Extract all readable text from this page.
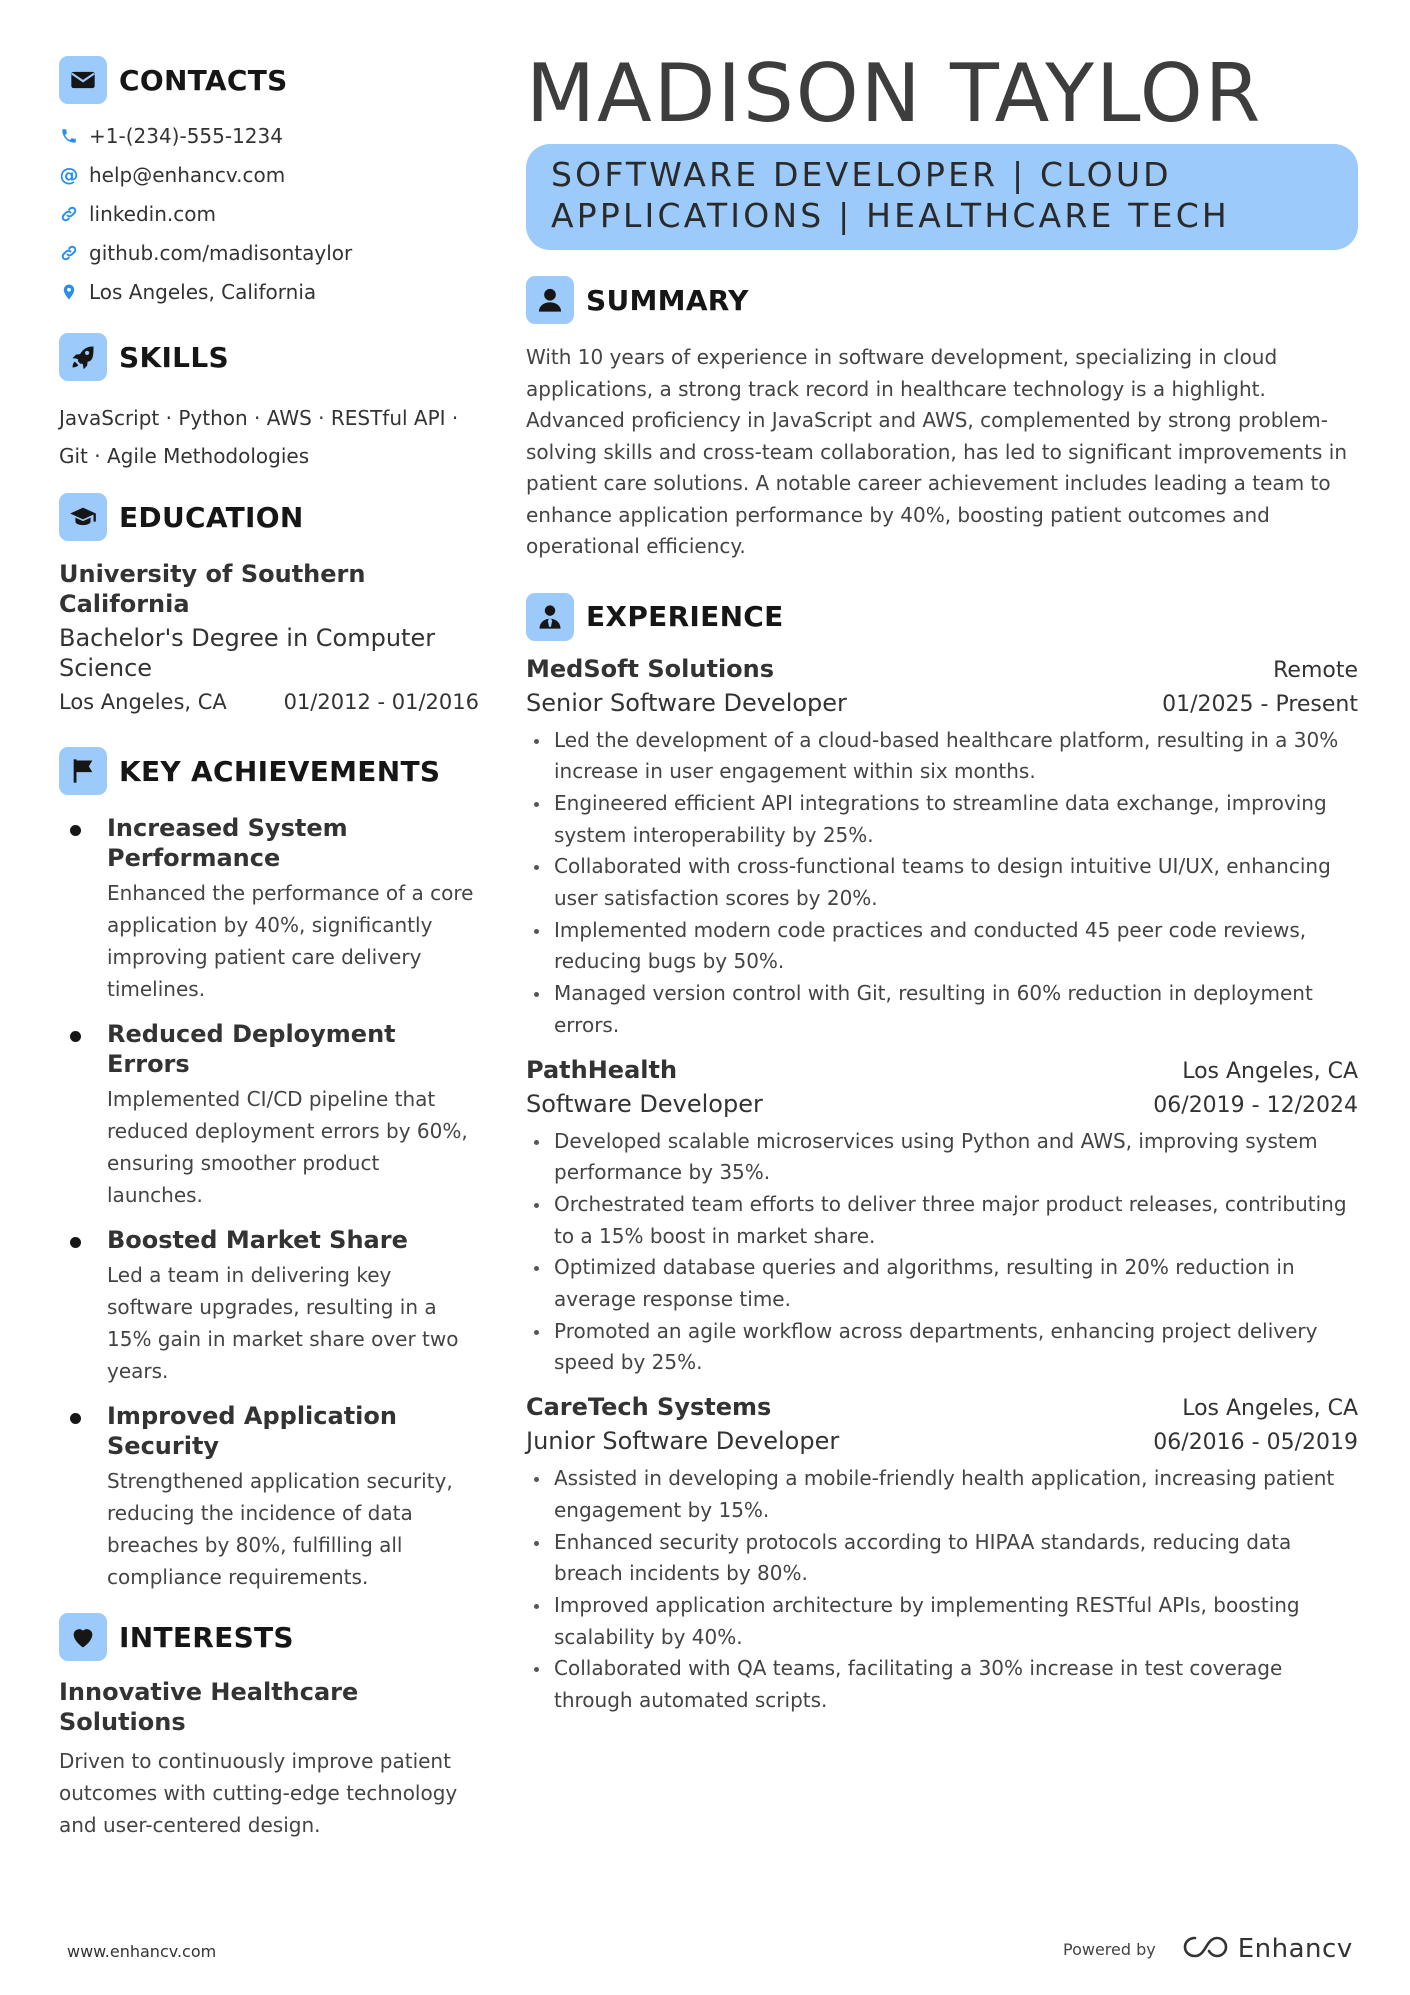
CONTACTS
+1-(234)-555-1234
@ help@enhancv.com
linkedin.com
github.com/madisontaylor
Los Angeles, California
SKILLS
JavaScript · Python · AWS · RESTful API ·
Git · Agile Methodologies
EDUCATION
University of Southern California
Bachelor's Degree in Computer Science
Los Angeles, CA	01/2012 - 01/2016
KEY ACHIEVEMENTS
Increased System Performance
Enhanced the performance of a core application by 40%, significantly improving patient care delivery timelines.
Reduced Deployment Errors
Implemented CI/CD pipeline that reduced deployment errors by 60%, ensuring smoother product launches.
Boosted Market Share
Led a team in delivering key software upgrades, resulting in a 15% gain in market share over two years.
Improved Application Security
Strengthened application security, reducing the incidence of data breaches by 80%, fulfilling all compliance requirements.
INTERESTS
Innovative Healthcare Solutions
Driven to continuously improve patient outcomes with cutting-edge technology and user-centered design.
MADISON TAYLOR
SOFTWARE DEVELOPER | CLOUD APPLICATIONS | HEALTHCARE TECH
SUMMARY
With 10 years of experience in software development, specializing in cloud applications, a strong track record in healthcare technology is a highlight. Advanced proficiency in JavaScript and AWS, complemented by strong problem-solving skills and cross-team collaboration, has led to significant improvements in patient care solutions. A notable career achievement includes leading a team to enhance application performance by 40%, boosting patient outcomes and operational efficiency.
EXPERIENCE
MedSoft Solutions	Remote
Senior Software Developer	01/2025 - Present
Led the development of a cloud-based healthcare platform, resulting in a 30% increase in user engagement within six months.
Engineered efficient API integrations to streamline data exchange, improving system interoperability by 25%.
Collaborated with cross-functional teams to design intuitive UI/UX, enhancing user satisfaction scores by 20%.
Implemented modern code practices and conducted 45 peer code reviews, reducing bugs by 50%.
Managed version control with Git, resulting in 60% reduction in deployment errors.
PathHealth	Los Angeles, CA
Software Developer	06/2019 - 12/2024
Developed scalable microservices using Python and AWS, improving system performance by 35%.
Orchestrated team efforts to deliver three major product releases, contributing to a 15% boost in market share.
Optimized database queries and algorithms, resulting in 20% reduction in average response time.
Promoted an agile workflow across departments, enhancing project delivery speed by 25%.
CareTech Systems	Los Angeles, CA
Junior Software Developer	06/2016 - 05/2019
Assisted in developing a mobile-friendly health application, increasing patient engagement by 15%.
Enhanced security protocols according to HIPAA standards, reducing data breach incidents by 80%.
Improved application architecture by implementing RESTful APIs, boosting scalability by 40%.
Collaborated with QA teams, facilitating a 30% increase in test coverage through automated scripts.
www.enhancv.com	Powered by	Enhancv
